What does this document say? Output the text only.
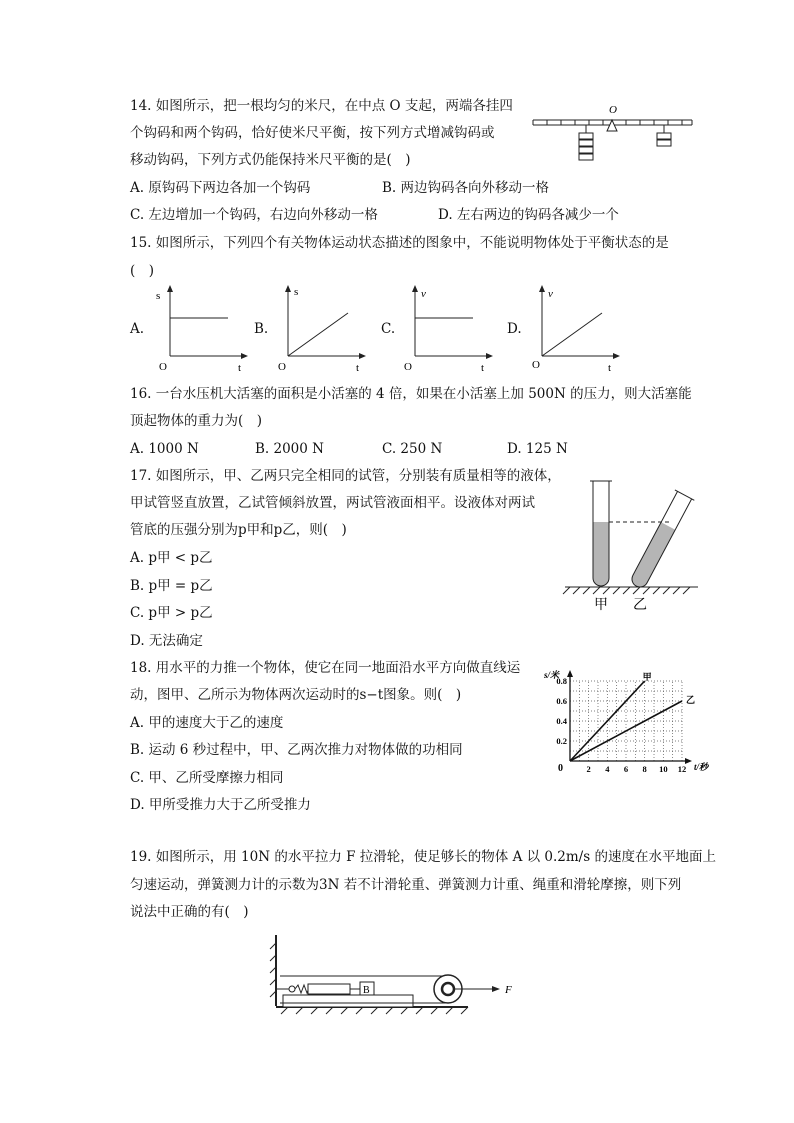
14. 如图所示，把一根均匀的米尺，在中点 O 支起，两端各挂四
个钩码和两个钩码，恰好使米尺平衡，按下列方式增减钩码或
移动钩码，下列方式仍能保持米尺平衡的是(　)
A. 原钩码下两边各加一个钩码	B. 两边钩码各向外移动一格
C. 左边增加一个钩码，右边向外移动一格	D. 左右两边的钩码各减少一个
O
15. 如图所示，下列四个有关物体运动状态描述的图象中，不能说明物体处于平衡状态的是
(　)
A.	B.	C.	D.
s
t
O
s
t
O
v
t
O
v
t
O
16. 一台水压机大活塞的面积是小活塞的 4 倍，如果在小活塞上加 500N 的压力，则大活塞能
顶起物体的重力为(　)
A. 1000 N	B. 2000 N	C. 250 N	D. 125 N
17. 如图所示，甲、乙两只完全相同的试管，分别装有质量相等的液体，
甲试管竖直放置，乙试管倾斜放置，两试管液面相平。设液体对两试
管底的压强分别为p甲和p乙，则(　)
A. p甲 < p乙
B. p甲 = p乙
C. p甲 > p乙
D. 无法确定
甲 乙
18. 用水平的力推一个物体，使它在同一地面沿水平方向做直线运
动，图甲、乙所示为物体两次运动时的s−t图象。则(　)
A. 甲的速度大于乙的速度
B. 运动 6 秒过程中，甲、乙两次推力对物体做的功相同
C. 甲、乙所受摩擦力相同
D. 甲所受推力大于乙所受推力
s/米
t/秒
0
甲
乙
2 4 6 8 10 12
0.2
0.4
0.6
0.8
19. 如图所示，用 10N 的水平拉力 F 拉滑轮，使足够长的物体 A 以 0.2m/s 的速度在水平地面上
匀速运动，弹簧测力计的示数为3N 若不计滑轮重、弹簧测力计重、绳重和滑轮摩擦，则下列
说法中正确的有(　)
B	F
